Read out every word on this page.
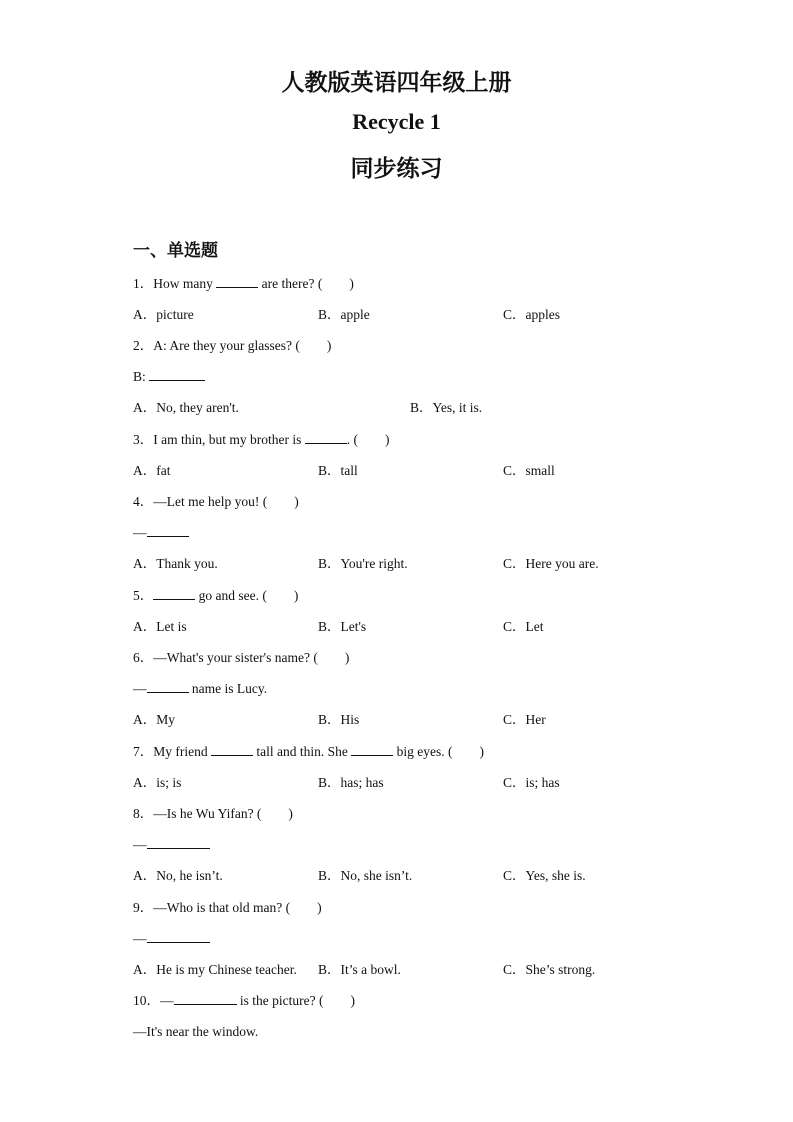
人教版英语四年级上册
Recycle 1
同步练习
一、单选题
1．How many	are there? (　　)
A．picture	B．apple	C．apples
2．A: Are they your glasses? (　　)
B:
A．No, they aren't.	B．Yes, it is.
3．I am thin, but my brother is	. (　　)
A．fat	B．tall	C．small
4．—Let me help you! (　　)
—
A．Thank you.	B．You're right.	C．Here you are.
5．	go and see. (　　)
A．Let is	B．Let's	C．Let
6．—What's your sister's name? (　　)
—	name is Lucy.
A．My	B．His	C．Her
7．My friend	tall and thin. She	big eyes. (　　)
A．is; is	B．has; has	C．is; has
8．—Is he Wu Yifan? (　　)
—
A．No, he isn’t.	B．No, she isn’t.	C．Yes, she is.
9．—Who is that old man? (　　)
—
A．He is my Chinese teacher. B．It’s a bowl.	C．She’s strong.
10．—	is the picture? (　　)
—It's near the window.
